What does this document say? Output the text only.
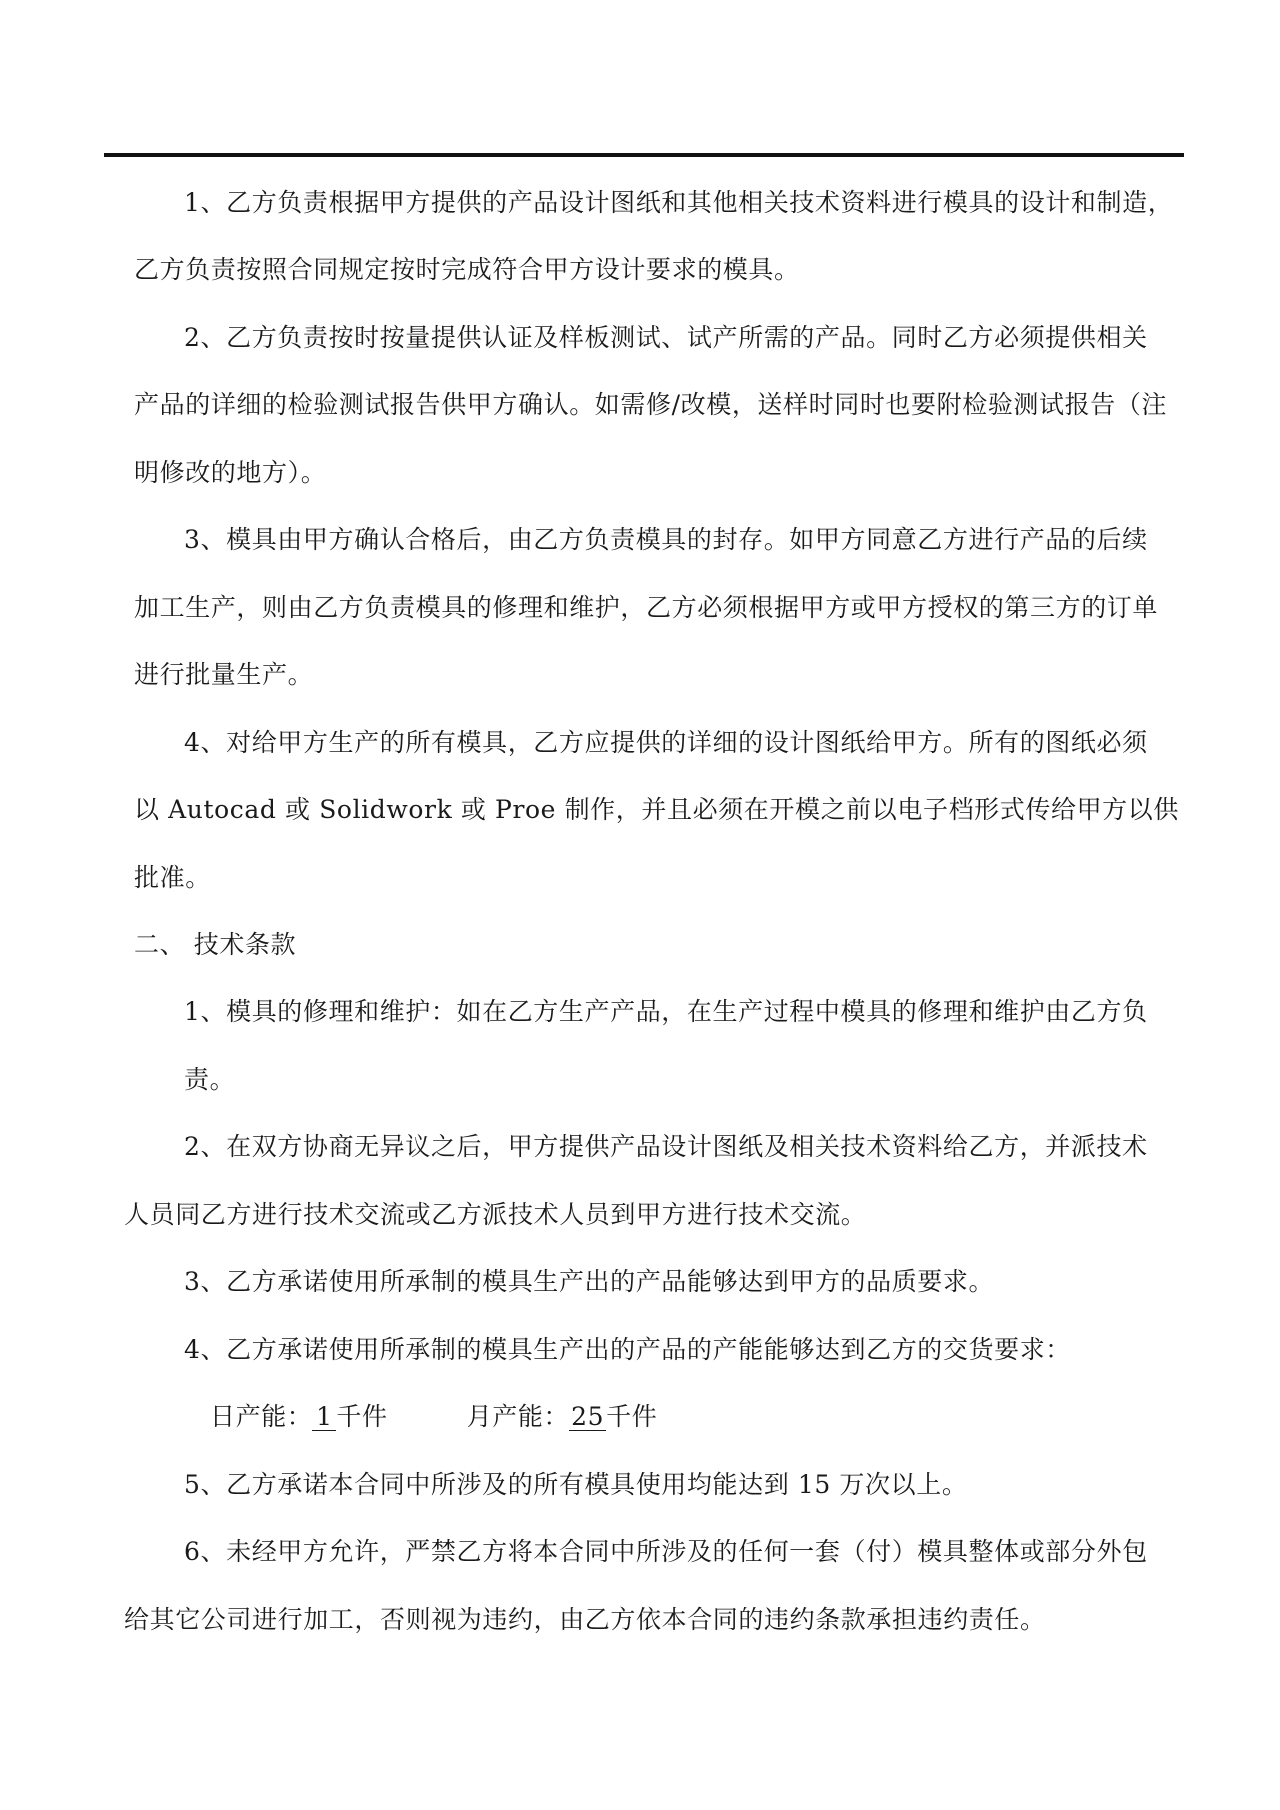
1、乙方负责根据甲方提供的产品设计图纸和其他相关技术资料进行模具的设计和制造，
乙方负责按照合同规定按时完成符合甲方设计要求的模具。
2、乙方负责按时按量提供认证及样板测试、试产所需的产品。同时乙方必须提供相关
产品的详细的检验测试报告供甲方确认。如需修/改模，送样时同时也要附检验测试报告（注
明修改的地方）。
3、模具由甲方确认合格后，由乙方负责模具的封存。如甲方同意乙方进行产品的后续
加工生产，则由乙方负责模具的修理和维护，乙方必须根据甲方或甲方授权的第三方的订单
进行批量生产。
4、对给甲方生产的所有模具，乙方应提供的详细的设计图纸给甲方。所有的图纸必须
以 Autocad 或 Solidwork 或 Proe 制作，并且必须在开模之前以电子档形式传给甲方以供
批准。
二、 技术条款
1、模具的修理和维护：如在乙方生产产品，在生产过程中模具的修理和维护由乙方负
责。
2、在双方协商无异议之后，甲方提供产品设计图纸及相关技术资料给乙方，并派技术
人员同乙方进行技术交流或乙方派技术人员到甲方进行技术交流。
3、乙方承诺使用所承制的模具生产出的产品能够达到甲方的品质要求。
4、乙方承诺使用所承制的模具生产出的产品的产能能够达到乙方的交货要求：
日产能： 1 千件	月产能：25千件
5、乙方承诺本合同中所涉及的所有模具使用均能达到 15 万次以上。
6、未经甲方允许，严禁乙方将本合同中所涉及的任何一套（付）模具整体或部分外包
给其它公司进行加工，否则视为违约，由乙方依本合同的违约条款承担违约责任。
